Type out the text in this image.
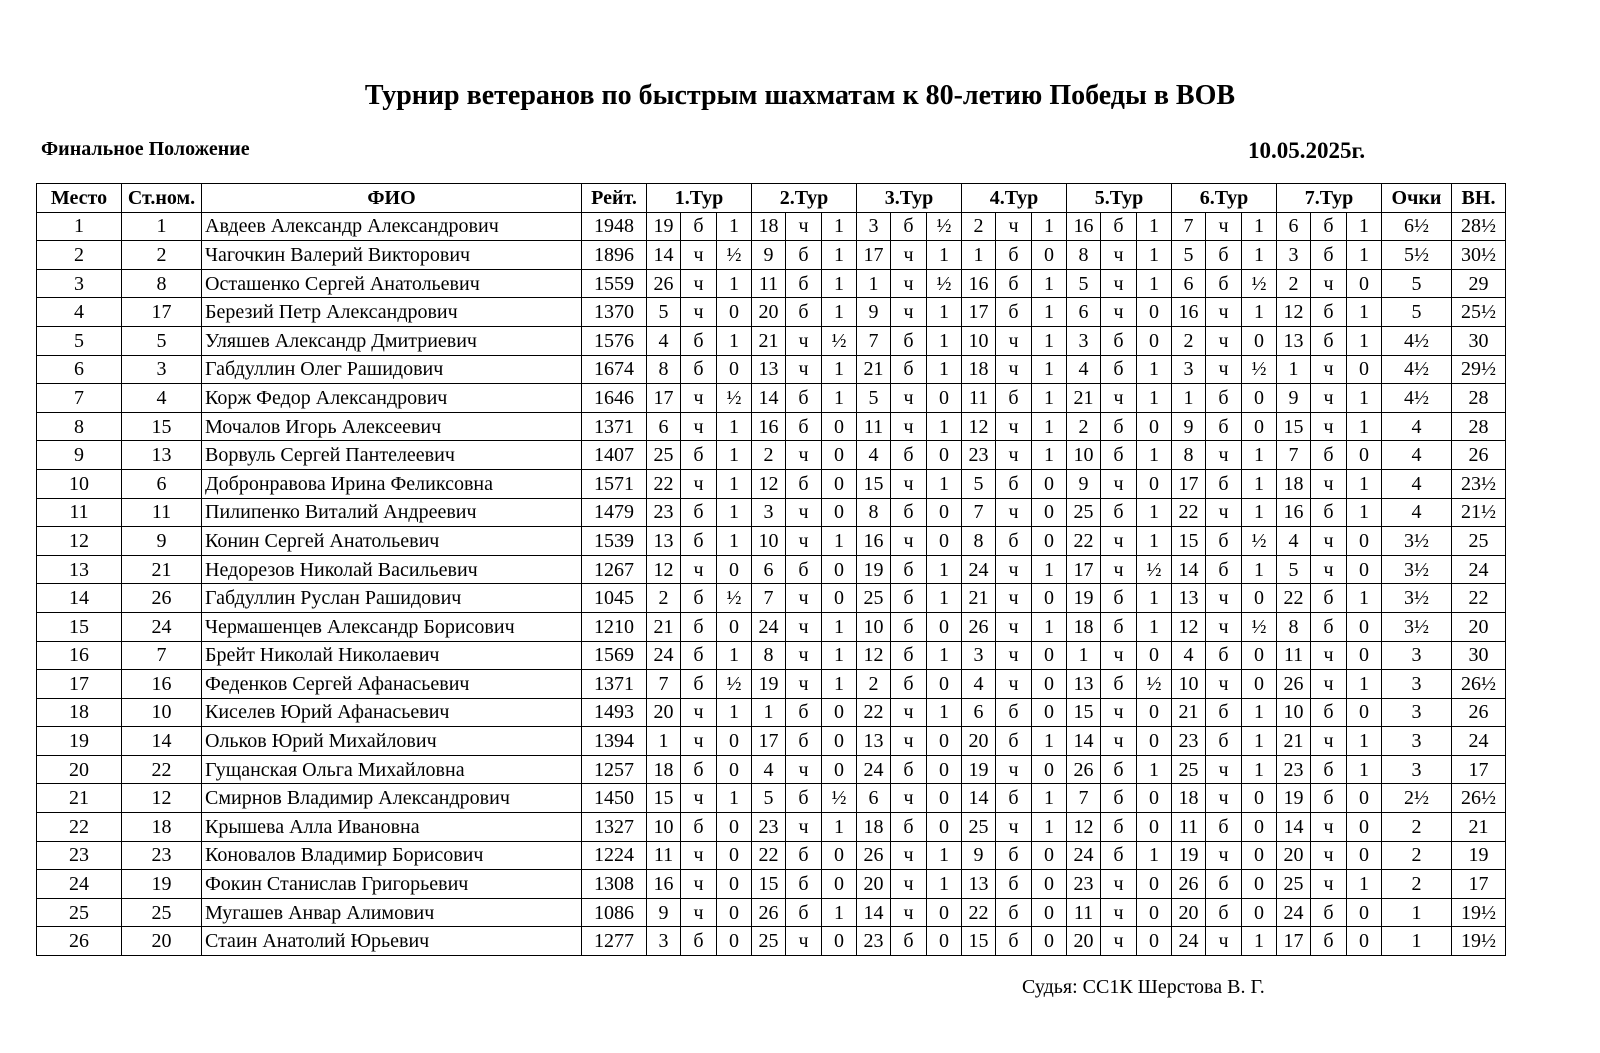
Турнир ветеранов по быстрым шахматам к 80-летию Победы в ВОВ
Финальное Положение	10.05.2025г.
Место	Ст.ном.	ФИО	Рейт.	1.Тур			2.Тур			3.Тур			4.Тур			5.Тур			6.Тур			7.Тур			Очки	ВН.
1	1	Авдеев Александр Александрович	1948	19	б	1	18	ч	1	3	б	½	2	ч	1	16	б	1	7	ч	1	6	б	1	6½	28½
2	2	Чагочкин Валерий Викторович	1896	14	ч	½	9	б	1	17	ч	1	1	б	0	8	ч	1	5	б	1	3	б	1	5½	30½
3	8	Осташенко Сергей Анатольевич	1559	26	ч	1	11	б	1	1	ч	½	16	б	1	5	ч	1	6	б	½	2	ч	0	5	29
4	17	Березий Петр Александрович	1370	5	ч	0	20	б	1	9	ч	1	17	б	1	6	ч	0	16	ч	1	12	б	1	5	25½
5	5	Уляшев Александр Дмитриевич	1576	4	б	1	21	ч	½	7	б	1	10	ч	1	3	б	0	2	ч	0	13	б	1	4½	30
6	3	Габдуллин Олег Рашидович	1674	8	б	0	13	ч	1	21	б	1	18	ч	1	4	б	1	3	ч	½	1	ч	0	4½	29½
7	4	Корж Федор Александрович	1646	17	ч	½	14	б	1	5	ч	0	11	б	1	21	ч	1	1	б	0	9	ч	1	4½	28
8	15	Мочалов Игорь Алексеевич	1371	6	ч	1	16	б	0	11	ч	1	12	ч	1	2	б	0	9	б	0	15	ч	1	4	28
9	13	Ворвуль Сергей Пантелеевич	1407	25	б	1	2	ч	0	4	б	0	23	ч	1	10	б	1	8	ч	1	7	б	0	4	26
10	6	Добронравова Ирина Феликсовна	1571	22	ч	1	12	б	0	15	ч	1	5	б	0	9	ч	0	17	б	1	18	ч	1	4	23½
11	11	Пилипенко Виталий Андреевич	1479	23	б	1	3	ч	0	8	б	0	7	ч	0	25	б	1	22	ч	1	16	б	1	4	21½
12	9	Конин Сергей Анатольевич	1539	13	б	1	10	ч	1	16	ч	0	8	б	0	22	ч	1	15	б	½	4	ч	0	3½	25
13	21	Недорезов Николай Васильевич	1267	12	ч	0	6	б	0	19	б	1	24	ч	1	17	ч	½	14	б	1	5	ч	0	3½	24
14	26	Габдуллин Руслан Рашидович	1045	2	б	½	7	ч	0	25	б	1	21	ч	0	19	б	1	13	ч	0	22	б	1	3½	22
15	24	Чермашенцев Александр Борисович	1210	21	б	0	24	ч	1	10	б	0	26	ч	1	18	б	1	12	ч	½	8	б	0	3½	20
16	7	Брейт Николай Николаевич	1569	24	б	1	8	ч	1	12	б	1	3	ч	0	1	ч	0	4	б	0	11	ч	0	3	30
17	16	Феденков Сергей Афанасьевич	1371	7	б	½	19	ч	1	2	б	0	4	ч	0	13	б	½	10	ч	0	26	ч	1	3	26½
18	10	Киселев Юрий Афанасьевич	1493	20	ч	1	1	б	0	22	ч	1	6	б	0	15	ч	0	21	б	1	10	б	0	3	26
19	14	Ольков Юрий Михайлович	1394	1	ч	0	17	б	0	13	ч	0	20	б	1	14	ч	0	23	б	1	21	ч	1	3	24
20	22	Гущанская Ольга Михайловна	1257	18	б	0	4	ч	0	24	б	0	19	ч	0	26	б	1	25	ч	1	23	б	1	3	17
21	12	Смирнов Владимир Александрович	1450	15	ч	1	5	б	½	6	ч	0	14	б	1	7	б	0	18	ч	0	19	б	0	2½	26½
22	18	Крышева Алла Ивановна	1327	10	б	0	23	ч	1	18	б	0	25	ч	1	12	б	0	11	б	0	14	ч	0	2	21
23	23	Коновалов Владимир Борисович	1224	11	ч	0	22	б	0	26	ч	1	9	б	0	24	б	1	19	ч	0	20	ч	0	2	19
24	19	Фокин Станислав Григорьевич	1308	16	ч	0	15	б	0	20	ч	1	13	б	0	23	ч	0	26	б	0	25	ч	1	2	17
25	25	Мугашев Анвар Алимович	1086	9	ч	0	26	б	1	14	ч	0	22	б	0	11	ч	0	20	б	0	24	б	0	1	19½
26	20	Стаин Анатолий Юрьевич	1277	3	б	0	25	ч	0	23	б	0	15	б	0	20	ч	0	24	ч	1	17	б	0	1	19½
Судья: СС1К Шерстова В. Г.
